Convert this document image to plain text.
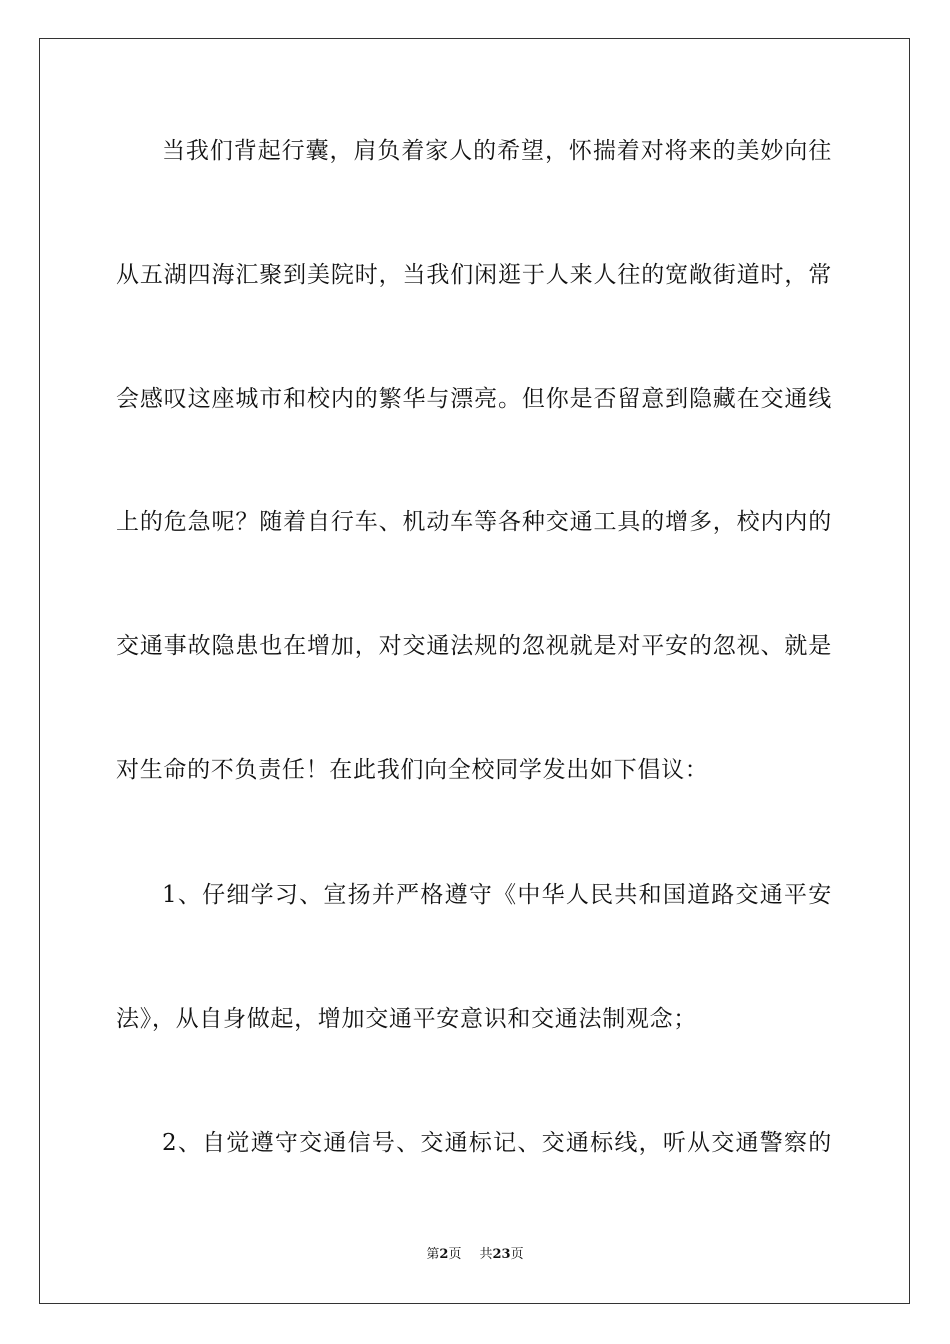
当我们背起行囊，肩负着家人的希望，怀揣着对将来的美妙向往
从五湖四海汇聚到美院时，当我们闲逛于人来人往的宽敞街道时，常
会感叹这座城市和校内的繁华与漂亮。但你是否留意到隐藏在交通线
上的危急呢？随着自行车、机动车等各种交通工具的增多，校内内的
交通事故隐患也在增加，对交通法规的忽视就是对平安的忽视、就是
对生命的不负责任！在此我们向全校同学发出如下倡议：
1、仔细学习、宣扬并严格遵守《中华人民共和国道路交通平安
法》，从自身做起，增加交通平安意识和交通法制观念；
2、自觉遵守交通信号、交通标记、交通标线，听从交通警察的
第2页 共23页
